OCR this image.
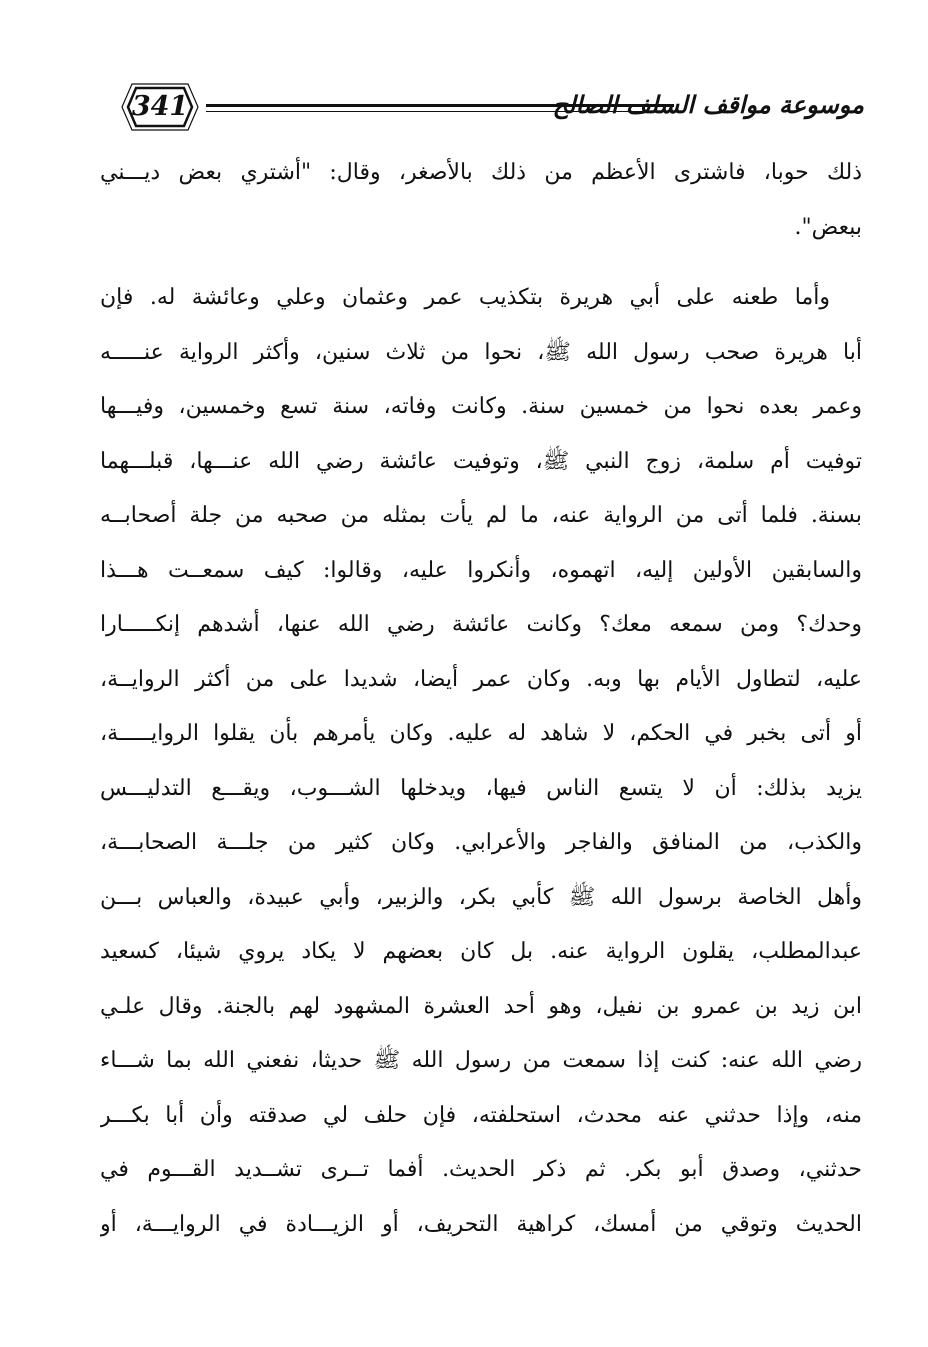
341	موسوعة مواقف السلف الصالح
ذلك حوبا، فاشترى الأعظم من ذلك بالأصغر، وقال: "أشتري بعض ديـــني
ببعض".
وأما طعنه على أبي هريرة بتكذيب عمر وعثمان وعلي وعائشة له. فإن
أبا هريرة صحب رسول الله ﷺ، نحوا من ثلاث سنين، وأكثر الرواية عنـــــه
وعمر بعده نحوا من خمسين سنة. وكانت وفاته، سنة تسع وخمسين، وفيـــها
توفيت أم سلمة، زوج النبي ﷺ، وتوفيت عائشة رضي الله عنـــها، قبلـــهما
بسنة. فلما أتى من الرواية عنه، ما لم يأت بمثله من صحبه من جلة أصحابــه
والسابقين الأولين إليه، اتهموه، وأنكروا عليه، وقالوا: كيف سمعــت هـــذا
وحدك؟ ومن سمعه معك؟ وكانت عائشة رضي الله عنها، أشدهم إنكـــــارا
عليه، لتطاول الأيام بها وبه. وكان عمر أيضا، شديدا على من أكثر الروايــة،
أو أتى بخبر في الحكم، لا شاهد له عليه. وكان يأمرهم بأن يقلوا الروايـــــة،
يزيد بذلك: أن لا يتسع الناس فيها، ويدخلها الشـــوب، ويقـــع التدليـــس
والكذب، من المنافق والفاجر والأعرابي. وكان كثير من جلـــة الصحابـــة،
وأهل الخاصة برسول الله ﷺ كأبي بكر، والزبير، وأبي عبيدة، والعباس بـــن
عبدالمطلب، يقلون الرواية عنه. بل كان بعضهم لا يكاد يروي شيئا، كسعيد
ابن زيد بن عمرو بن نفيل، وهو أحد العشرة المشهود لهم بالجنة. وقال علـي
رضي الله عنه: كنت إذا سمعت من رسول الله ﷺ حديثا، نفعني الله بما شـــاء
منه، وإذا حدثني عنه محدث، استحلفته، فإن حلف لي صدقته وأن أبا بكـــر
حدثني، وصدق أبو بكر. ثم ذكر الحديث. أفما تــرى تشــديد القـــوم في
الحديث وتوقي من أمسك، كراهية التحريف، أو الزيـــادة في الروايـــة، أو
